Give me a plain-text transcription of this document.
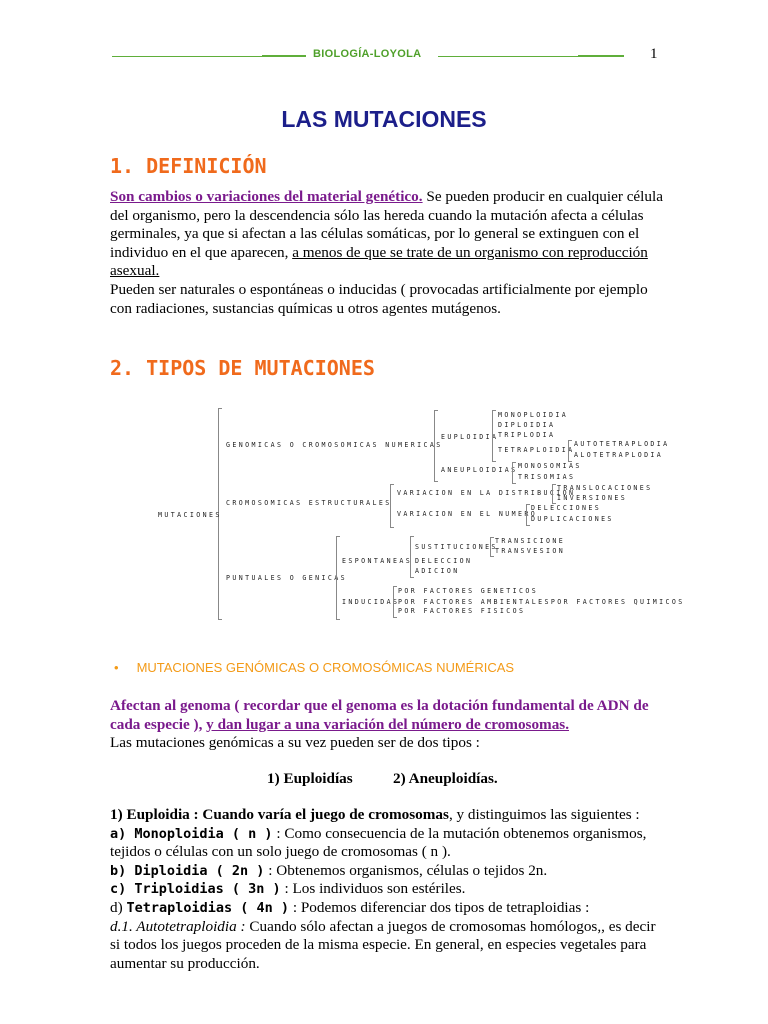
BIOLOGÍA-LOYOLA	1
LAS MUTACIONES
1. DEFINICIÓN
Son cambios o variaciones del material genético. Se pueden producir en cualquier célula del organismo, pero la descendencia sólo las hereda cuando la mutación afecta a células germinales, ya que si afectan a las células somáticas, por lo general se extinguen con el individuo en el que aparecen, a menos de que se trate de un organismo con reproducción asexual.
Pueden ser naturales o espontáneas o inducidas ( provocadas artificialmente por ejemplo con radiaciones, sustancias químicas u otros agentes mutágenos.
2. TIPOS DE MUTACIONES
MUTACIONES
GENOMICAS O CROMOSOMICAS NUMERICAS
EUPLOIDIA
MONOPLOIDIA
DIPLOIDIA
TRIPLODIA
TETRAPLOIDIA
AUTOTETRAPLODIA
ALOTETRAPLODIA
ANEUPLOIDIAS MONOSOMIAS
TRISOMIAS
CROMOSOMICAS ESTRUCTURALES
VARIACION EN LA DISTRIBUCION
TRANSLOCACIONES
INVERSIONES
VARIACION EN EL NUMERO
DELECCIONES
DUPLICACIONES
PUNTUALES O GENICAS
ESPONTANEAS
SUSTITUCIONES
TRANSICIONE
TRANSVESION
DELECCION
ADICION
INDUCIDAS
POR FACTORES GENETICOS
POR FACTORES AMBIENTALESPOR FACTORES QUIMICOS
POR FACTORES FISICOS
• MUTACIONES GENÓMICAS O CROMOSÓMICAS NUMÉRICAS
Afectan al genoma ( recordar que el genoma es la dotación fundamental de ADN de cada especie ), y dan lugar a una variación del número de cromosomas.
Las mutaciones genómicas a su vez pueden ser de dos tipos :
1) Euploidías	2) Aneuploidías.
1) Euploidia : Cuando varía el juego de cromosomas, y distinguimos las siguientes :
a) Monoploidia ( n ) : Como consecuencia de la mutación obtenemos organismos, tejidos o células con un solo juego de cromosomas ( n ).
b) Diploidia ( 2n ) : Obtenemos organismos, células o tejidos 2n.
c) Triploidias ( 3n ) : Los individuos son estériles.
d) Tetraploidias ( 4n ) : Podemos diferenciar dos tipos de tetraploidias :
d.1. Autotetraploidia : Cuando sólo afectan a juegos de cromosomas homólogos,, es decir si todos los juegos proceden de la misma especie. En general, en especies vegetales para aumentar su producción.
